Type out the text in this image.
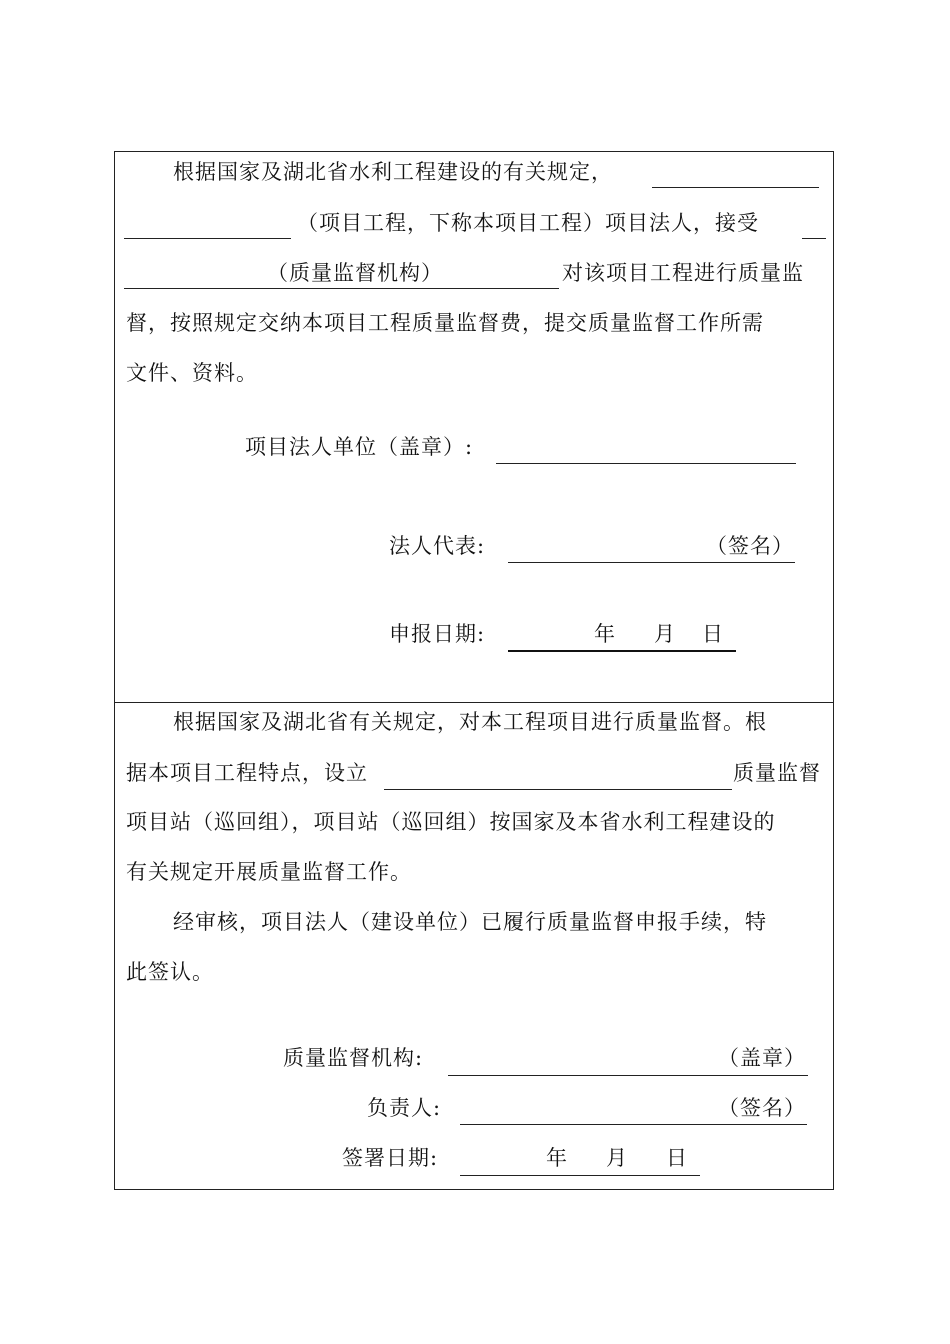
根据国家及湖北省水利工程建设的有关规定，
（项目工程，下称本项目工程）项目法人，接受
（质量监督机构）	对该项目工程进行质量监
督，按照规定交纳本项目工程质量监督费，提交质量监督工作所需
文件、资料。
项目法人单位（盖章）:
法人代表:	（签名）
申报日期:	年 月 日
根据国家及湖北省有关规定，对本工程项目进行质量监督。根
据本项目工程特点，设立	质量监督
项目站（巡回组），项目站（巡回组）按国家及本省水利工程建设的
有关规定开展质量监督工作。
经审核，项目法人（建设单位）已履行质量监督申报手续，特
此签认。
质量监督机构:	（盖章）
负责人:	（签名）
签署日期:	年 月 日
